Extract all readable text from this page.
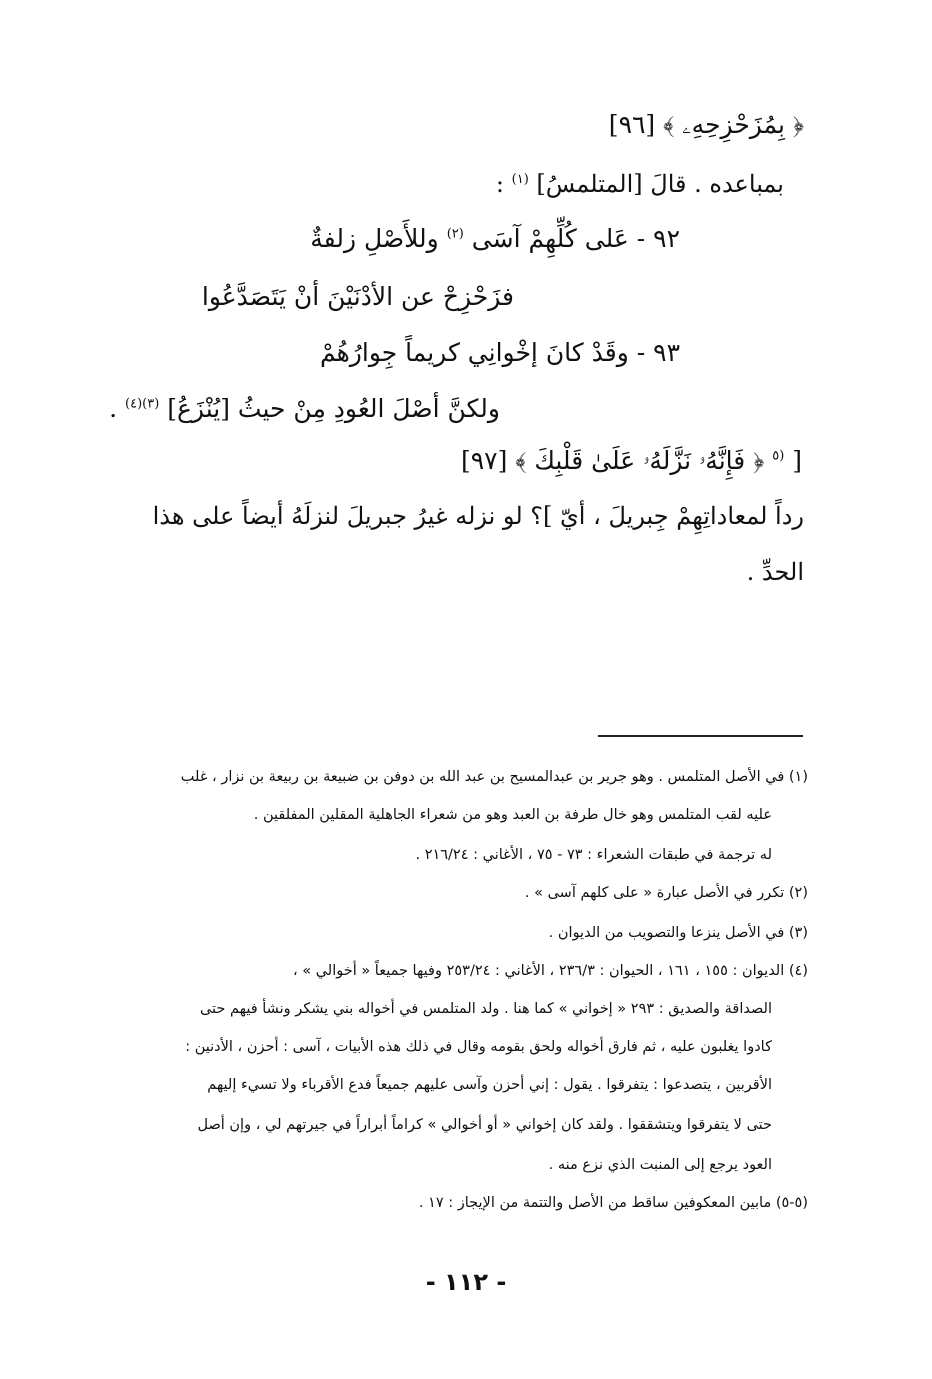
﴿ بِمُزَحْزِحِهِۦ ﴾ [٩٦]
بمباعده . قالَ [المتلمسُ] $^{(١)}$ :
٩٢ - عَلى كُلِّهِمْ آسَى $^{(٢)}$ وللأَصْلِ زلفةٌ
فزَحْزِحْ عن الأدْنَيْنَ أنْ يَتَصَدَّعُوا
٩٣ - وقَدْ كانَ إخْوانِي كريماً جِوارُهُمْ
ولكنَّ أصْلَ العُودِ مِنْ حيثُ [يُنْزَعُ] $^{(٣)(٤)}$ .
[ $^{(٥}$ ﴿ فَإِنَّهُۥ نَزَّلَهُۥ عَلَىٰ قَلْبِكَ ﴾ [٩٧]
رداً لمعاداتِهِمْ جِبريلَ ، أيّ ]؟ لو نزله غيرُ جبريلَ لنزلَهُ أيضاً على هذا
الحدِّ .
(١) في الأصل المتلمس . وهو جرير بن عبدالمسيح بن عبد الله بن دوفن بن ضبيعة بن ربيعة بن نزار ، غلب
عليه لقب المتلمس وهو خال طرفة بن العبد وهو من شعراء الجاهلية المقلين المفلقين .
له ترجمة في طبقات الشعراء : ٧٣ - ٧٥ ، الأغاني : ٢١٦/٢٤ .
(٢) تكرر في الأصل عبارة « على كلهم آسى » .
(٣) في الأصل ينزعا والتصويب من الديوان .
(٤) الديوان : ١٥٥ ، ١٦١ ، الحيوان : ٢٣٦/٣ ، الأغاني : ٢٥٣/٢٤ وفيها جميعاً « أخوالي » ،
الصداقة والصديق : ٢٩٣ « إخواني » كما هنا . ولد المتلمس في أخواله بني يشكر ونشأ فيهم حتى
كادوا يغلبون عليه ، ثم فارق أخواله ولحق بقومه وقال في ذلك هذه الأبيات ، آسى : أحزن ، الأدنين :
الأقربين ، يتصدعوا : يتفرقوا . يقول : إني أحزن وآسى عليهم جميعاً فدع الأقرباء ولا تسيء إليهم
حتى لا يتفرقوا ويتشققوا . ولقد كان إخواني « أو أخوالي » كراماً أبراراً في جيرتهم لي ، وإن أصل
العود يرجع إلى المنبت الذي نزع منه .
(٥-٥) مابين المعكوفين ساقط من الأصل والتتمة من الإيجاز : ١٧ .
- ١١٢ -
